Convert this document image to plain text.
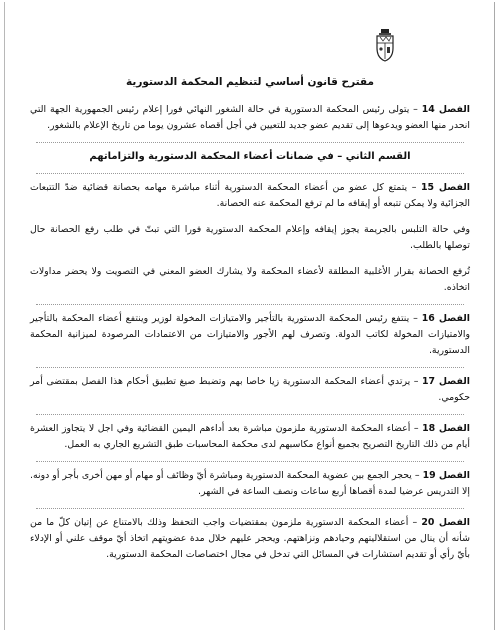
مقترح قانون أساسي لتنظيم المحكمة الدستورية

الفصل 14 – يتولى رئيس المحكمة الدستورية في حالة الشغور النهائي فورا إعلام رئيس الجمهورية الجهة التي انحدر منها العضو ويدعوها إلى تقديم عضو جديد للتعيين في أجل أقصاه عشرون يوما من تاريخ الإعلام بالشغور.

القسم الثاني – في ضمانات أعضاء المحكمة الدستورية والتزاماتهم

الفصل 15 – يتمتع كل عضو من أعضاء المحكمة الدستورية أثناء مباشرة مهامه بحصانة قضائية ضدّ التتبعات الجزائية ولا يمكن تتبعه أو إيقافه ما لم ترفع المحكمة عنه الحصانة.

وفي حالة التلبس بالجريمة يجوز إيقافه وإعلام المحكمة الدستورية فورا التي تبتّ في طلب رفع الحصانة حال توصلها بالطلب.

تُرفع الحصانة بقرار الأغلبية المطلقة لأعضاء المحكمة ولا يشارك العضو المعني في التصويت ولا يحضر مداولات اتخاذه.

الفصل 16 – ينتفع رئيس المحكمة الدستورية بالتأجير والامتيازات المخولة لوزير وينتفع أعضاء المحكمة بالتأجير والامتيازات المخولة لكاتب الدولة. وتصرف لهم الأجور والامتيازات من الاعتمادات المرصودة لميزانية المحكمة الدستورية.

الفصل 17 – يرتدي أعضاء المحكمة الدستورية زيا خاصا بهم وتضبط صيغ تطبيق أحكام هذا الفصل بمقتضى أمر حكومي.

الفصل 18 – أعضاء المحكمة الدستورية ملزمون مباشرة بعد أداءهم اليمين القضائية وفي اجل لا يتجاوز العشرة أيام من ذلك التاريخ التصريح بجميع أنواع مكاسبهم لدى محكمة المحاسبات طبق التشريع الجاري به العمل.

الفصل 19 – يحجر الجمع بين عضوية المحكمة الدستورية ومباشرة أيّ وظائف أو مهام أو مهن أخرى بأجر أو دونه. إلا التدريس عرضيا لمدة أقصاها أربع ساعات ونصف الساعة في الشهر.

الفصل 20 – أعضاء المحكمة الدستورية ملزمون بمقتضيات واجب التحفظ وذلك بالامتناع عن إتيان كلّ ما من شأنه أن ينال من استقلاليتهم وحيادهم ونزاهتهم. ويحجر عليهم خلال مدة عضويتهم اتخاذ أيّ موقف علني أو الإدلاء بأيّ رأي أو تقديم استشارات في المسائل التي تدخل في مجال اختصاصات المحكمة الدستورية.
